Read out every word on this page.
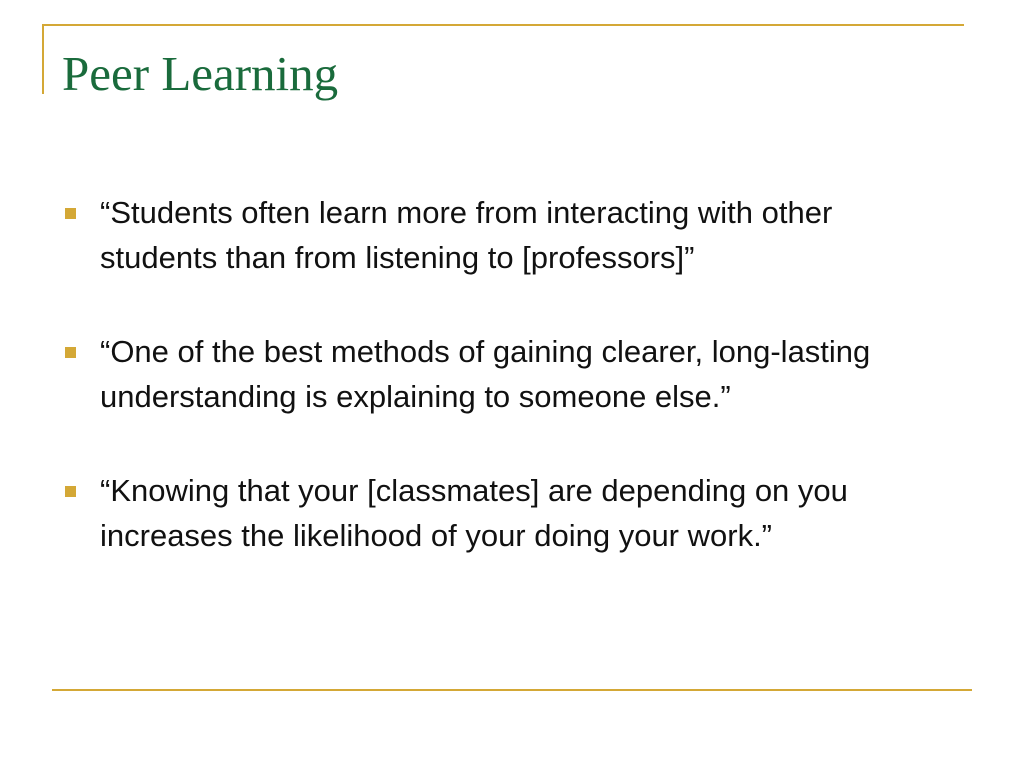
Peer Learning
“Students often learn more from interacting with other students than from listening to [professors]”
“One of the best methods of gaining clearer, long-lasting understanding is explaining to someone else.”
“Knowing that your [classmates] are depending on you increases the likelihood of your doing your work.”
